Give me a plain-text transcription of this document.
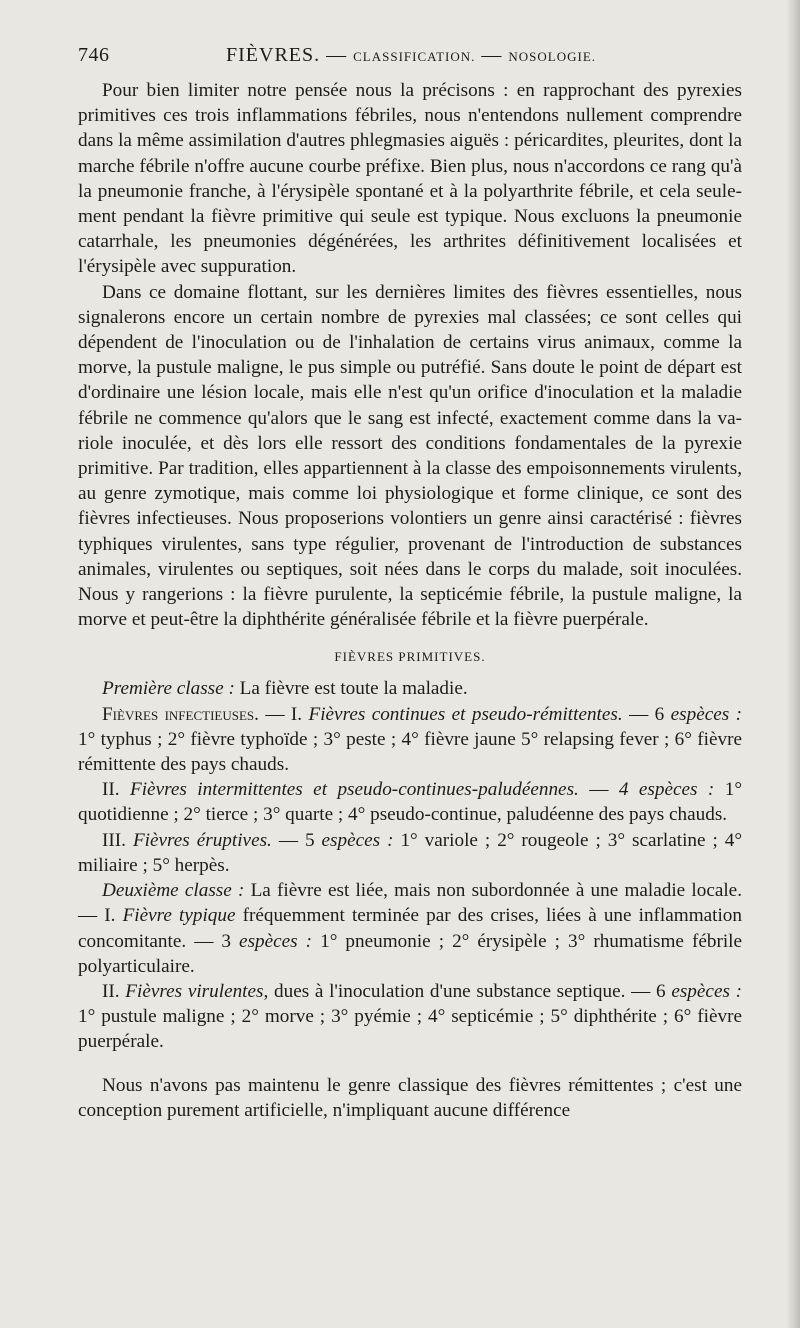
746	FIÈVRES. — CLASSIFICATION. — NOSOLOGIE.

Pour bien limiter notre pensée nous la précisons : en rapprochant des pyrexies primitives ces trois inflammations fébriles, nous n'entendons nullement comprendre dans la même assimilation d'autres phlegmasies aiguës : péricardites, pleurites, dont la marche fébrile n'offre aucune courbe préfixe. Bien plus, nous n'accordons ce rang qu'à la pneumonie franche, à l'érysipèle spontané et à la polyarthrite fébrile, et cela seulement pendant la fièvre primitive qui seule est typique. Nous excluons la pneumonie catarrhale, les pneumonies dégénérées, les arthrites définitivement localisées et l'érysipèle avec suppuration.

Dans ce domaine flottant, sur les dernières limites des fièvres essentielles, nous signalerons encore un certain nombre de pyrexies mal classées; ce sont celles qui dépendent de l'inoculation ou de l'inhalation de certains virus animaux, comme la morve, la pustule maligne, le pus simple ou putréfié. Sans doute le point de départ est d'ordinaire une lésion locale, mais elle n'est qu'un orifice d'inoculation et la maladie fébrile ne commence qu'alors que le sang est infecté, exactement comme dans la variole inoculée, et dès lors elle ressort des conditions fondamentales de la pyrexie primitive. Par tradition, elles appartiennent à la classe des empoisonnements virulents, au genre zymotique, mais comme loi physiologique et forme clinique, ce sont des fièvres infectieuses. Nous proposerions volontiers un genre ainsi caractérisé : fièvres typhiques virulentes, sans type régulier, provenant de l'introduction de substances animales, virulentes ou septiques, soit nées dans le corps du malade, soit inoculées. Nous y rangerions : la fièvre purulente, la septicémie fébrile, la pustule maligne, la morve et peut-être la diphthérite généralisée fébrile et la fièvre puerpérale.

FIÈVRES PRIMITIVES.

Première classe : La fièvre est toute la maladie.

Fièvres infectieuses. — I. Fièvres continues et pseudo-rémittentes. — 6 espèces : 1° typhus ; 2° fièvre typhoïde ; 3° peste ; 4° fièvre jaune 5° relapsing fever ; 6° fièvre rémittente des pays chauds.

II. Fièvres intermittentes et pseudo-continues-paludéennes. — 4 espèces : 1° quotidienne ; 2° tierce ; 3° quarte ; 4° pseudo-continue, paludéenne des pays chauds.

III. Fièvres éruptives. — 5 espèces : 1° variole ; 2° rougeole ; 3° scarlatine ; 4° miliaire ; 5° herpès.

Deuxième classe : La fièvre est liée, mais non subordonnée à une maladie locale. — I. Fièvre typique fréquemment terminée par des crises, liées à une inflammation concomitante. — 3 espèces : 1° pneumonie ; 2° érysipèle ; 3° rhumatisme fébrile polyarticulaire.

II. Fièvres virulentes, dues à l'inoculation d'une substance septique. — 6 espèces : 1° pustule maligne ; 2° morve ; 3° pyémie ; 4° septicémie ; 5° diphthérite ; 6° fièvre puerpérale.

Nous n'avons pas maintenu le genre classique des fièvres rémittentes ; c'est une conception purement artificielle, n'impliquant aucune différence
